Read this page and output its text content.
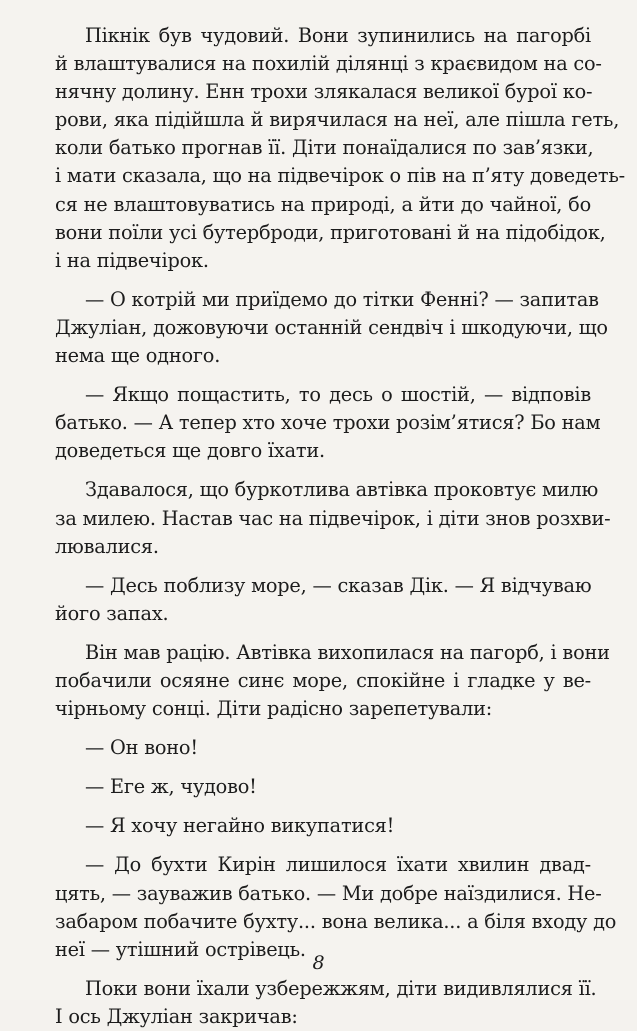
Пікнік був чудовий. Вони зупинились на пагорбі
й влаштувалися на похилій ділянці з краєвидом на со-
нячну долину. Енн трохи злякалася великої бурої ко-
рови, яка підійшла й вирячилася на неї, але пішла геть,
коли батько прогнав її. Діти понаїдалися по зав’язки,
і мати сказала, що на підвечірок о пів на п’яту доведеть-
ся не влаштовуватись на природі, а йти до чайної, бо
вони поїли усі бутерброди, приготовані й на підобідок,
і на підвечірок.

— О котрій ми приїдемо до тітки Фенні? — запитав
Джуліан, дожовуючи останній сендвіч і шкодуючи, що
нема ще одного.

— Якщо пощастить, то десь о шостій, — відповів
батько. — А тепер хто хоче трохи розім’ятися? Бо нам
доведеться ще довго їхати.

Здавалося, що буркотлива автівка проковтує милю
за милею. Настав час на підвечірок, і діти знов розхви-
лювалися.

— Десь поблизу море, — сказав Дік. — Я відчуваю
його запах.

Він мав рацію. Автівка вихопилася на пагорб, і вони
побачили осяяне синє море, спокійне і гладке у ве-
чірньому сонці. Діти радісно зарепетували:

— Он воно!

— Еге ж, чудово!

— Я хочу негайно викупатися!

— До бухти Кирін лишилося їхати хвилин двад-
цять, — зауважив батько. — Ми добре наїздилися. Не-
забаром побачите бухту... вона велика... а біля входу до
неї — утішний острівець.

Поки вони їхали узбережжям, діти видивлялися її.
І ось Джуліан закричав:

8
